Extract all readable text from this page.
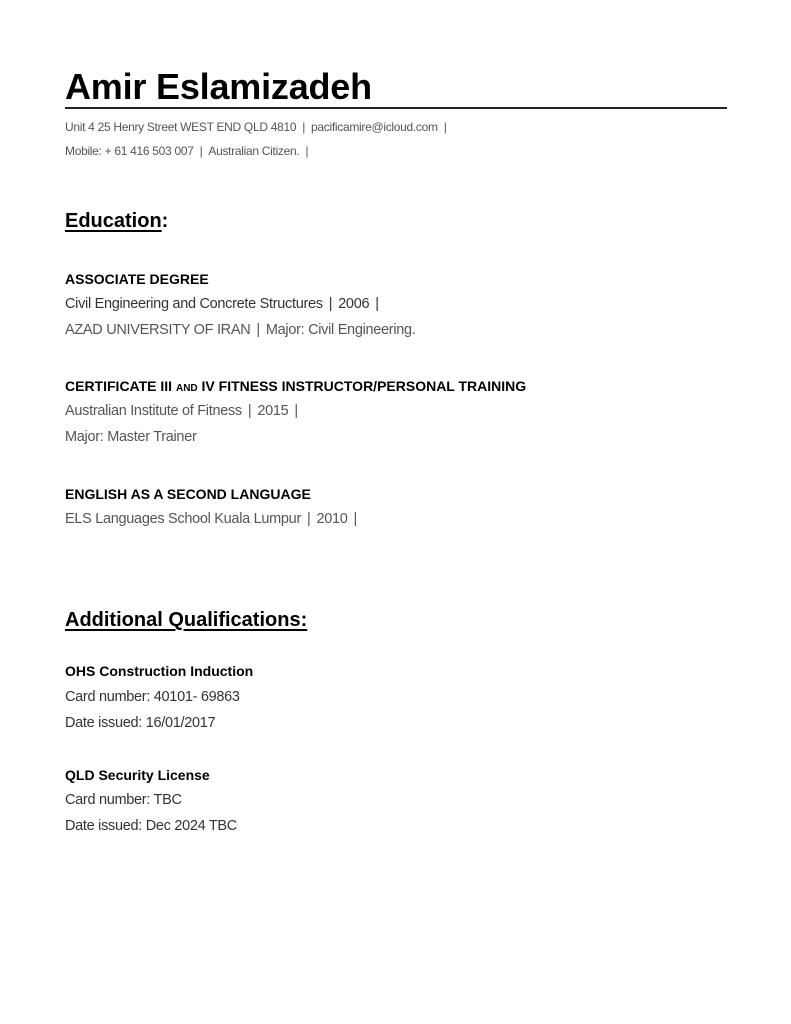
Amir Eslamizadeh
Unit 4 25 Henry Street WEST END QLD 4810 | pacificamire@icloud.com |
Mobile: + 61 416 503 007 | Australian Citizen. |
Education:
ASSOCIATE DEGREE
Civil Engineering and Concrete Structures | 2006 |
AZAD UNIVERSITY OF IRAN | Major: Civil Engineering.
CERTIFICATE III AND IV FITNESS INSTRUCTOR/PERSONAL TRAINING
Australian Institute of Fitness | 2015 |
Major: Master Trainer
ENGLISH AS A SECOND LANGUAGE
ELS Languages School Kuala Lumpur | 2010 |
Additional Qualifications:
OHS Construction Induction
Card number: 40101- 69863
Date issued: 16/01/2017
QLD Security License
Card number: TBC
Date issued: Dec 2024 TBC
